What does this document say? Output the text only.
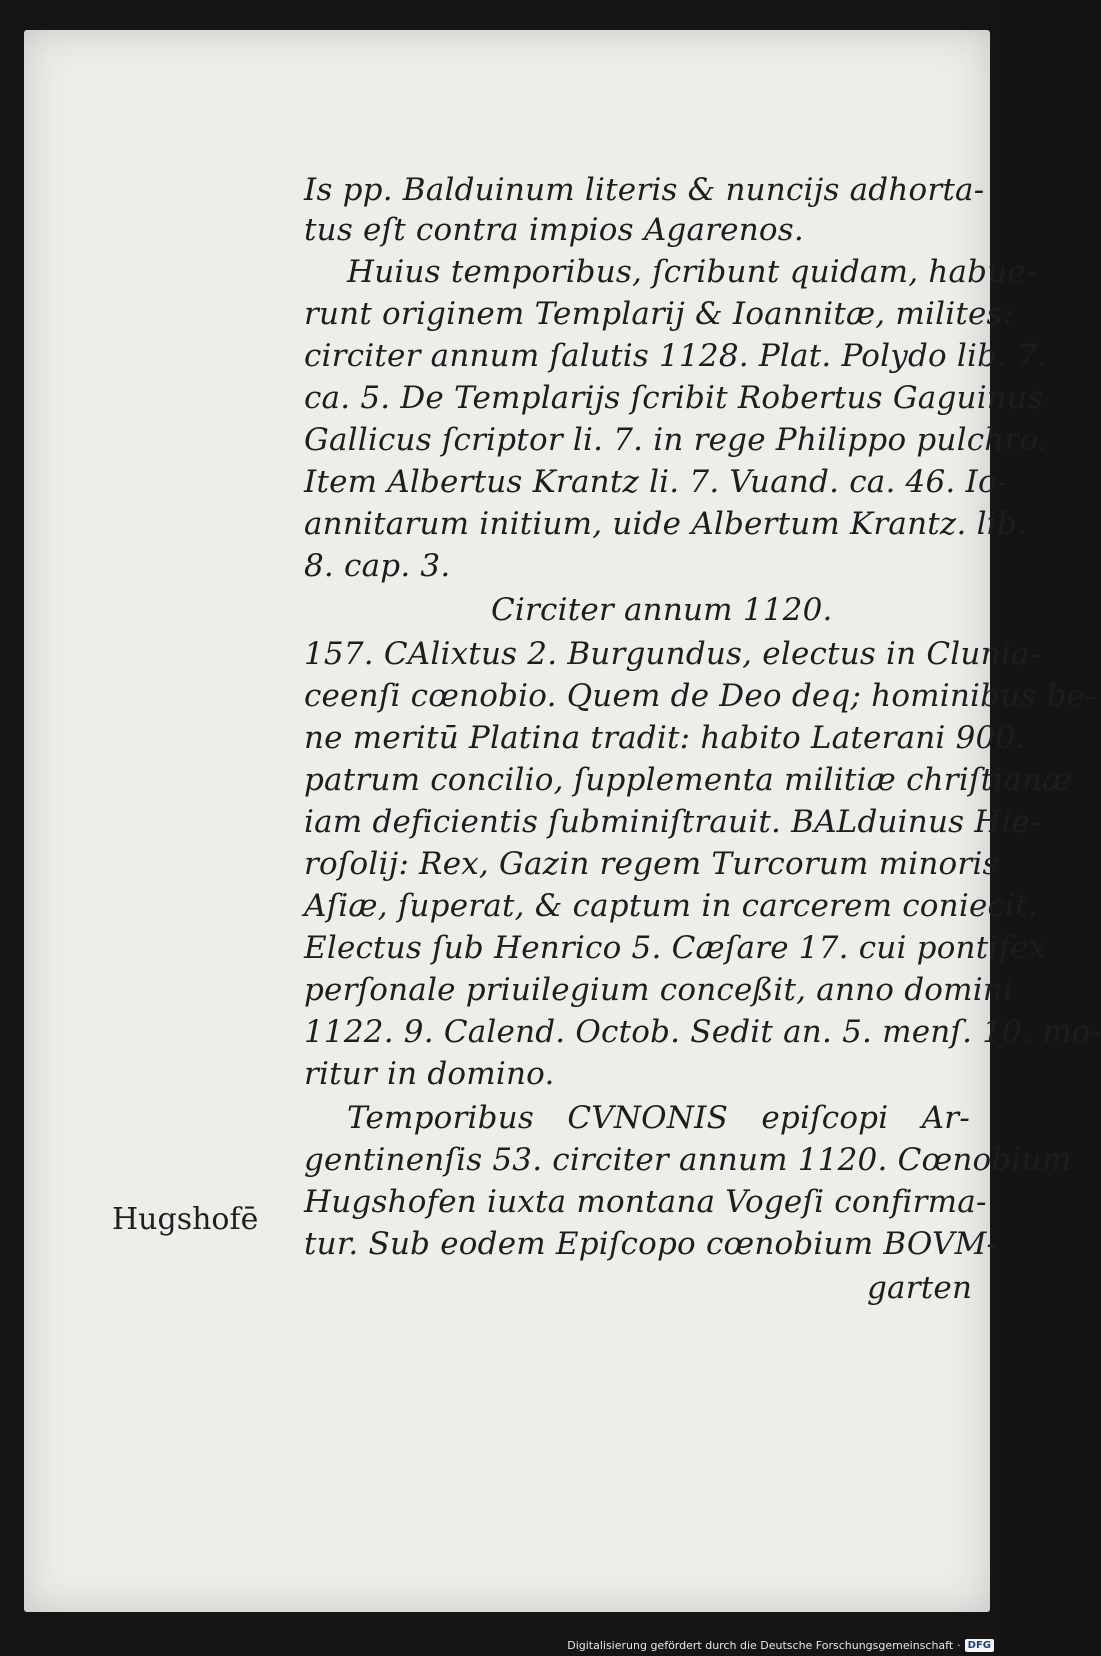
Is pp. Balduinum literis & nuncijs adhorta-
tus eſt contra impios Agarenos.
Huius temporibus, ſcribunt quidam, habue-
runt originem Templarij & Ioannitæ, milites:
circiter annum ſalutis 1128. Plat. Polydo lib. 7.
ca. 5. De Templarijs ſcribit Robertus Gaguinus
Gallicus ſcriptor li. 7. in rege Philippo pulchro.
Item Albertus Krantz li. 7. Vuand. ca. 46. Io-
annitarum initium, uide Albertum Krantz. lib.
8. cap. 3.
Circiter annum 1120.
157. CAlixtus 2. Burgundus, electus in Clunia-
ceenſi cœnobio. Quem de Deo deq; hominibus be-
ne meritū Platina tradit: habito Laterani 900.
patrum concilio, ſupplementa militiæ chriſtianæ
iam deficientis ſubminiſtrauit. BALduinus Hie-
roſolij: Rex, Gazin regem Turcorum minoris
Aſiæ, ſuperat, & captum in carcerem coniecit.
Electus ſub Henrico 5. Cæſare 17. cui pontifex
perſonale priuilegium conceßit, anno domini
1122. 9. Calend. Octob. Sedit an. 5. menſ. 10. mo-
ritur in domino.
Temporibus CVNONIS epiſcopi Ar-
gentinenſis 53. circiter annum 1120. Cœnobium
Hugshofen iuxta montana Vogeſi confirma-
tur. Sub eodem Epiſcopo cœnobium BOVM-
Hugshofē
garten
Digitalisierung gefördert durch die Deutsche Forschungsgemeinschaft · DFG
